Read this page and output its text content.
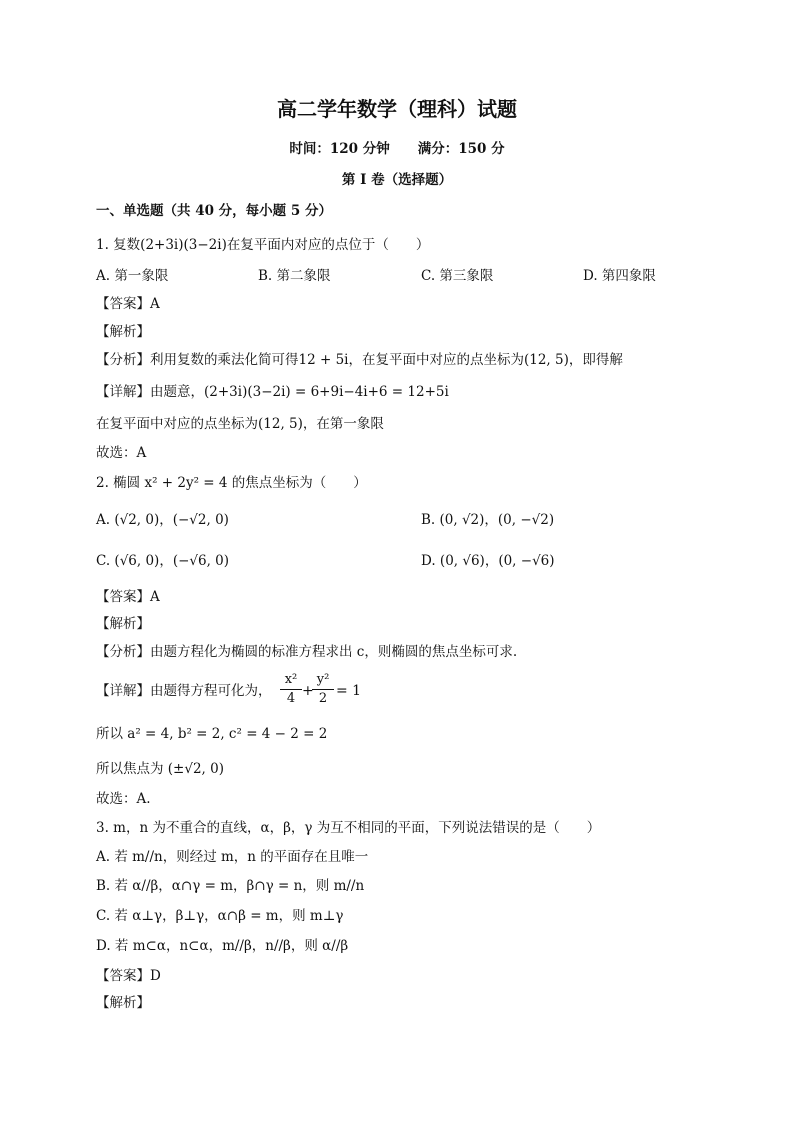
高二学年数学（理科）试题
时间：120 分钟 满分：150 分
第 I 卷（选择题）
一、单选题（共 40 分，每小题 5 分）
1. 复数(2+3i)(3−2i)在复平面内对应的点位于（　　）
A. 第一象限	B. 第二象限	C. 第三象限	D. 第四象限
【答案】A
【解析】
【分析】利用复数的乘法化简可得12 + 5i，在复平面中对应的点坐标为(12, 5)，即得解
【详解】由题意，(2+3i)(3−2i) = 6+9i−4i+6 = 12+5i
在复平面中对应的点坐标为(12, 5)，在第一象限
故选：A
2. 椭圆 x² + 2y² = 4 的焦点坐标为（　　）
A. (√2, 0)，(−√2, 0)	B. (0, √2)，(0, −√2)
C. (√6, 0)，(−√6, 0)	D. (0, √6)，(0, −√6)
【答案】A
【解析】
【分析】由题方程化为椭圆的标准方程求出 c，则椭圆的焦点坐标可求.
【详解】由题得方程可化为， $\frac{\text{x²}}{4}$ +
$\frac{\text{y²}}{2} = 1$
所以 a² = 4, b² = 2, c² = 4 − 2 = 2
所以焦点为 (±√2, 0)
故选：A.
3. m，n 为不重合的直线，α，β，γ 为互不相同的平面，下列说法错误的是（　　）
A. 若 m//n，则经过 m，n 的平面存在且唯一
B. 若 α//β，α∩γ = m，β∩γ = n，则 m//n
C. 若 α⊥γ，β⊥γ，α∩β = m，则 m⊥γ
D. 若 m⊂α，n⊂α，m//β，n//β，则 α//β
【答案】D
【解析】
